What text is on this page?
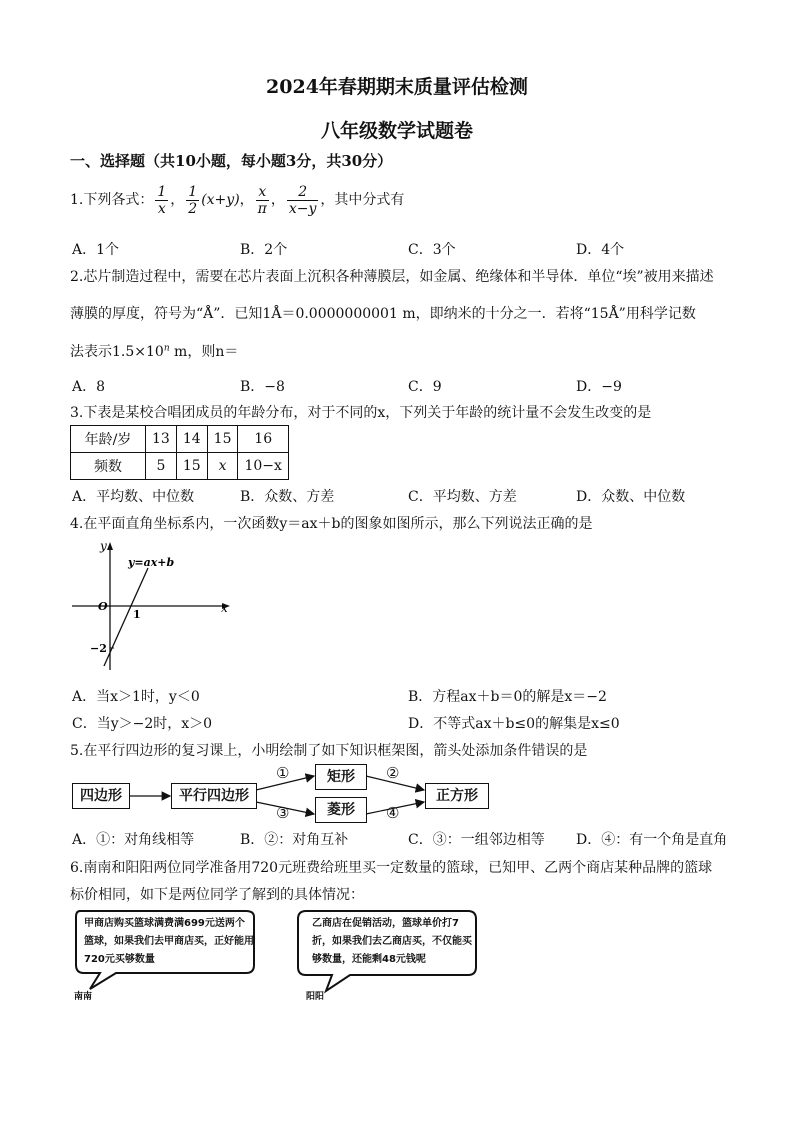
2024年春期期末质量评估检测
八年级数学试题卷
一、选择题（共10小题，每小题3分，共30分）
1.下列各式： $\frac{1}{x}$ ， $\frac{1}{2} (x+y)$ ， $\frac{x}{\pi}$ ， $\frac{2}{x-y}$ ，其中分式有
A．1个	B．2个	C．3个	D．4个
2.芯片制造过程中，需要在芯片表面上沉积各种薄膜层，如金属、绝缘体和半导体．单位“埃”被用来描述
薄膜的厚度，符号为“Å”．已知1Å＝0.0000000001 m，即纳米的十分之一．若将“15Å”用科学记数
法表示$1.5\times 10^n$ m，则n＝
A．8	B．−8	C．9	D．−9
3.下表是某校合唱团成员的年龄分布，对于不同的x，下列关于年龄的统计量不会发生改变的是
年龄/岁	13	14	15	16
频数	5	15	x	10−x
A．平均数、中位数	B．众数、方差	C．平均数、方差	D．众数、中位数
4.在平面直角坐标系内，一次函数y＝ax＋b的图象如图所示，那么下列说法正确的是
y
x
O
y=ax+b
1
−2
A．当x＞1时，y＜0	B．方程ax＋b＝0的解是x＝−2
C．当y＞−2时，x＞0	D．不等式ax＋b≤0的解集是x≤0
5.在平行四边形的复习课上，小明绘制了如下知识框架图，箭头处添加条件错误的是
四边形	平行四边形
矩形
菱形
正方形
①	②
③	④
A．①：对角线相等	B．②：对角互补	C．③：一组邻边相等 D．④：有一个角是直角
6.南南和阳阳两位同学准备用720元班费给班里买一定数量的篮球，已知甲、乙两个商店某种品牌的篮球
标价相同，如下是两位同学了解到的具体情况：
甲商店购买篮球满费满699元送两个篮球，如果我们去甲商店买，正好能用720元买够数量
乙商店在促销活动，篮球单价打7折，如果我们去乙商店买，不仅能买够数量，还能剩48元钱呢
南南	阳阳
